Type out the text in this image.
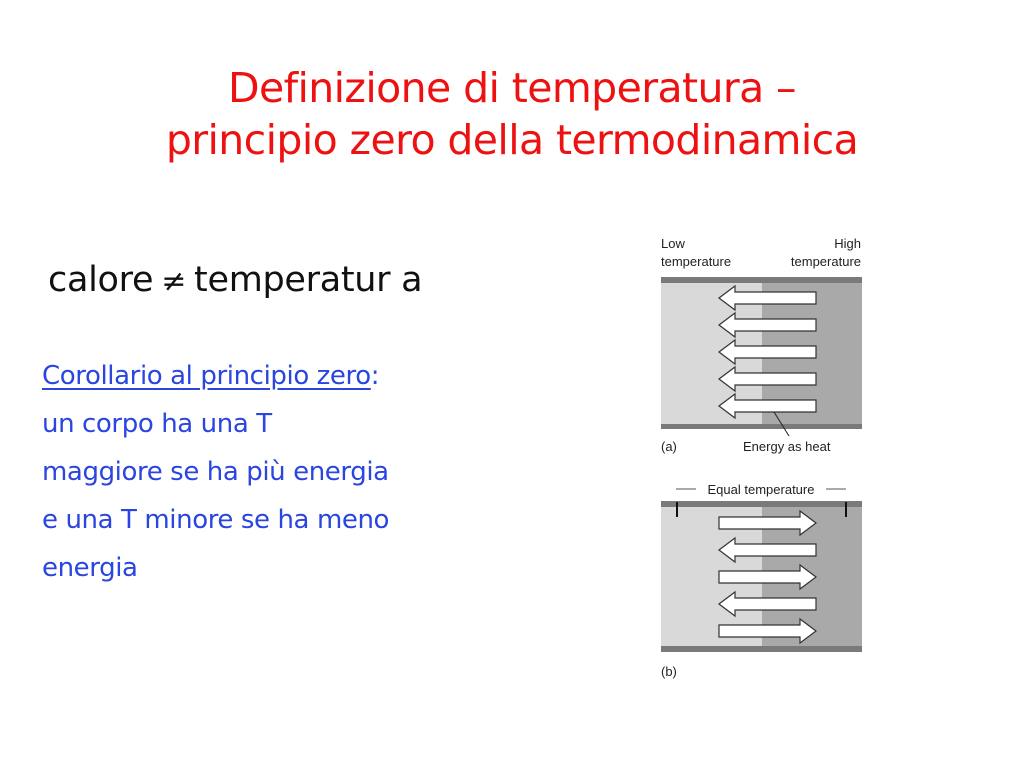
Definizione di temperatura –
principio zero della termodinamica
calore ≠ temperatur a
Corollario al principio zero:
un corpo ha una T
maggiore se ha più energia
e una T minore se ha meno
energia
Low
temperature
High
temperature
Energy as heat
(a)
Equal temperature
(b)
